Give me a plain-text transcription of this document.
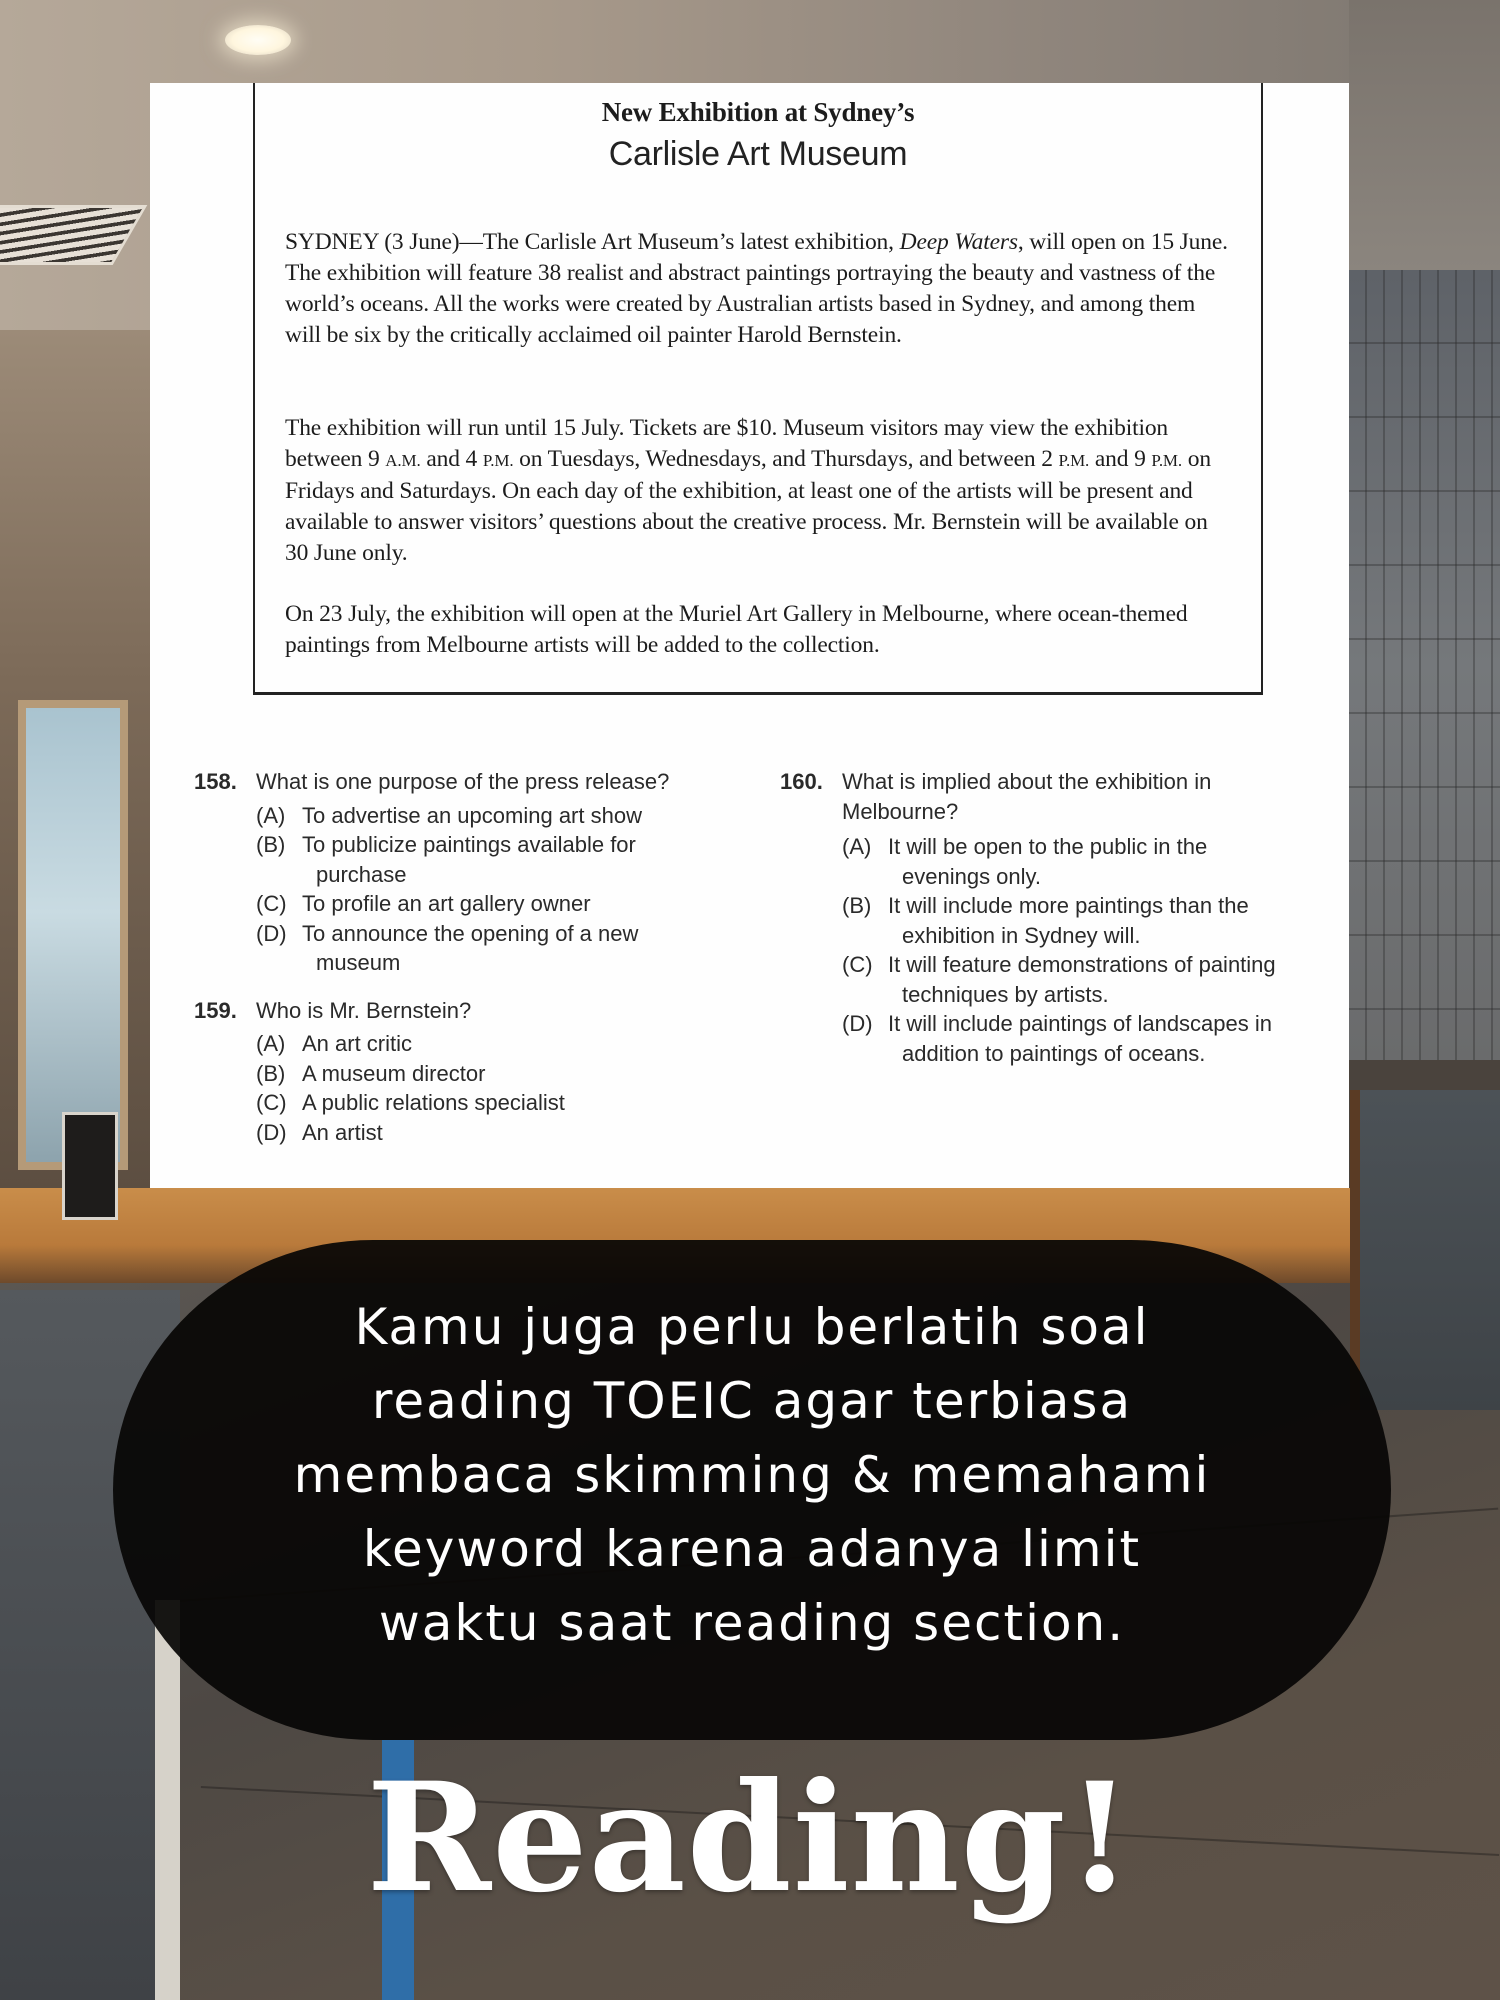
New Exhibition at Sydney’s
Carlisle Art Museum

SYDNEY (3 June)—The Carlisle Art Museum’s latest exhibition, Deep Waters, will open on 15 June. The exhibition will feature 38 realist and abstract paintings portraying the beauty and vastness of the world’s oceans. All the works were created by Australian artists based in Sydney, and among them will be six by the critically acclaimed oil painter Harold Bernstein.

The exhibition will run until 15 July. Tickets are $10. Museum visitors may view the exhibition between 9 A.M. and 4 P.M. on Tuesdays, Wednesdays, and Thursdays, and between 2 P.M. and 9 P.M. on Fridays and Saturdays. On each day of the exhibition, at least one of the artists will be present and available to answer visitors’ questions about the creative process. Mr. Bernstein will be available on 30 June only.

On 23 July, the exhibition will open at the Muriel Art Gallery in Melbourne, where ocean-themed paintings from Melbourne artists will be added to the collection.

158. What is one purpose of the press release?
(A) To advertise an upcoming art show
(B) To publicize paintings available for
purchase
(C) To profile an art gallery owner
(D) To announce the opening of a new
museum
159. Who is Mr. Bernstein?
(A) An art critic
(B) A museum director
(C) A public relations specialist
(D) An artist
160. What is implied about the exhibition in
Melbourne?
(A) It will be open to the public in the
evenings only.
(B) It will include more paintings than the
exhibition in Sydney will.
(C) It will feature demonstrations of painting
techniques by artists.
(D) It will include paintings of landscapes in
addition to paintings of oceans.
Kamu juga perlu berlatih soal
reading TOEIC agar terbiasa
membaca skimming & memahami
keyword karena adanya limit
waktu saat reading section.
Reading!
